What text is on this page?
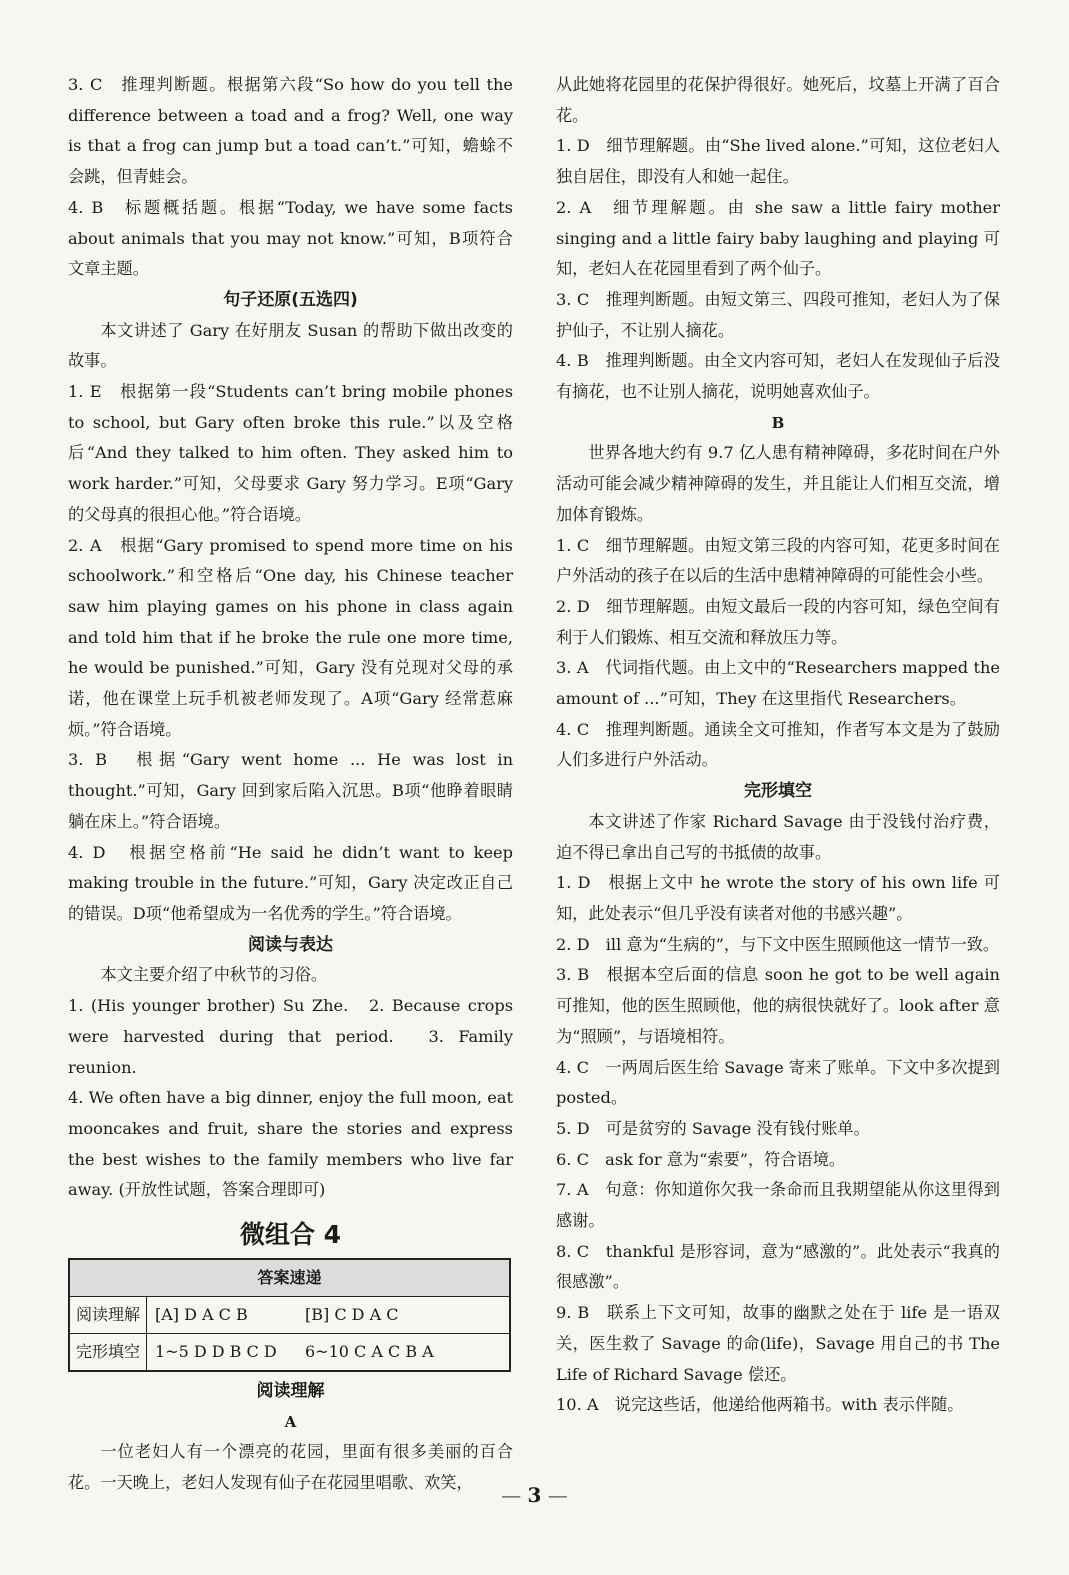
3. C　推理判断题。根据第六段“So how do you tell the difference between a toad and a frog? Well, one way is that a frog can jump but a toad can’t.”可知，蟾蜍不会跳，但青蛙会。

4. B　标题概括题。根据“Today, we have some facts about animals that you may not know.”可知，B项符合文章主题。

句子还原(五选四)

本文讲述了 Gary 在好朋友 Susan 的帮助下做出改变的故事。

1. E　根据第一段“Students can’t bring mobile phones to school, but Gary often broke this rule.”以及空格后“And they talked to him often. They asked him to work harder.”可知，父母要求 Gary 努力学习。E项“Gary 的父母真的很担心他。”符合语境。

2. A　根据“Gary promised to spend more time on his schoolwork.”和空格后“One day, his Chinese teacher saw him playing games on his phone in class again and told him that if he broke the rule one more time, he would be punished.”可知，Gary 没有兑现对父母的承诺，他在课堂上玩手机被老师发现了。A项“Gary 经常惹麻烦。”符合语境。

3. B　根据“Gary went home ... He was lost in thought.”可知，Gary 回到家后陷入沉思。B项“他睁着眼睛躺在床上。”符合语境。

4. D　根据空格前“He said he didn’t want to keep making trouble in the future.”可知，Gary 决定改正自己的错误。D项“他希望成为一名优秀的学生。”符合语境。

阅读与表达

本文主要介绍了中秋节的习俗。

1. (His younger brother) Su Zhe.　2. Because crops were harvested during that period.　3. Family reunion.

4. We often have a big dinner, enjoy the full moon, eat mooncakes and fruit, share the stories and express the best wishes to the family members who live far away. (开放性试题，答案合理即可)

微组合 4

答案速递	
阅读理解	[A] D A C B [B] C D A C
完形填空	1~5 D D B C D 6~10 C A C B A

阅读理解

A

一位老妇人有一个漂亮的花园，里面有很多美丽的百合花。一天晚上，老妇人发现有仙子在花园里唱歌、欢笑，

从此她将花园里的花保护得很好。她死后，坟墓上开满了百合花。

1. D　细节理解题。由“She lived alone.”可知，这位老妇人独自居住，即没有人和她一起住。

2. A　细节理解题。由 she saw a little fairy mother singing and a little fairy baby laughing and playing 可知，老妇人在花园里看到了两个仙子。

3. C　推理判断题。由短文第三、四段可推知，老妇人为了保护仙子，不让别人摘花。

4. B　推理判断题。由全文内容可知，老妇人在发现仙子后没有摘花，也不让别人摘花，说明她喜欢仙子。

B

世界各地大约有 9.7 亿人患有精神障碍，多花时间在户外活动可能会减少精神障碍的发生，并且能让人们相互交流，增加体育锻炼。

1. C　细节理解题。由短文第三段的内容可知，花更多时间在户外活动的孩子在以后的生活中患精神障碍的可能性会小些。

2. D　细节理解题。由短文最后一段的内容可知，绿色空间有利于人们锻炼、相互交流和释放压力等。

3. A　代词指代题。由上文中的“Researchers mapped the amount of ...”可知，They 在这里指代 Researchers。

4. C　推理判断题。通读全文可推知，作者写本文是为了鼓励人们多进行户外活动。

完形填空

本文讲述了作家 Richard Savage 由于没钱付治疗费，迫不得已拿出自己写的书抵债的故事。

1. D　根据上文中 he wrote the story of his own life 可知，此处表示“但几乎没有读者对他的书感兴趣”。

2. D　ill 意为“生病的”，与下文中医生照顾他这一情节一致。

3. B　根据本空后面的信息 soon he got to be well again 可推知，他的医生照顾他，他的病很快就好了。look after 意为“照顾”，与语境相符。

4. C　一两周后医生给 Savage 寄来了账单。下文中多次提到 posted。

5. D　可是贫穷的 Savage 没有钱付账单。

6. C　ask for 意为“索要”，符合语境。

7. A　句意：你知道你欠我一条命而且我期望能从你这里得到感谢。

8. C　thankful 是形容词，意为“感激的”。此处表示“我真的很感激”。

9. B　联系上下文可知，故事的幽默之处在于 life 是一语双关，医生救了 Savage 的命(life)，Savage 用自己的书 The Life of Richard Savage 偿还。

10. A　说完这些话，他递给他两箱书。with 表示伴随。

— 3 —
